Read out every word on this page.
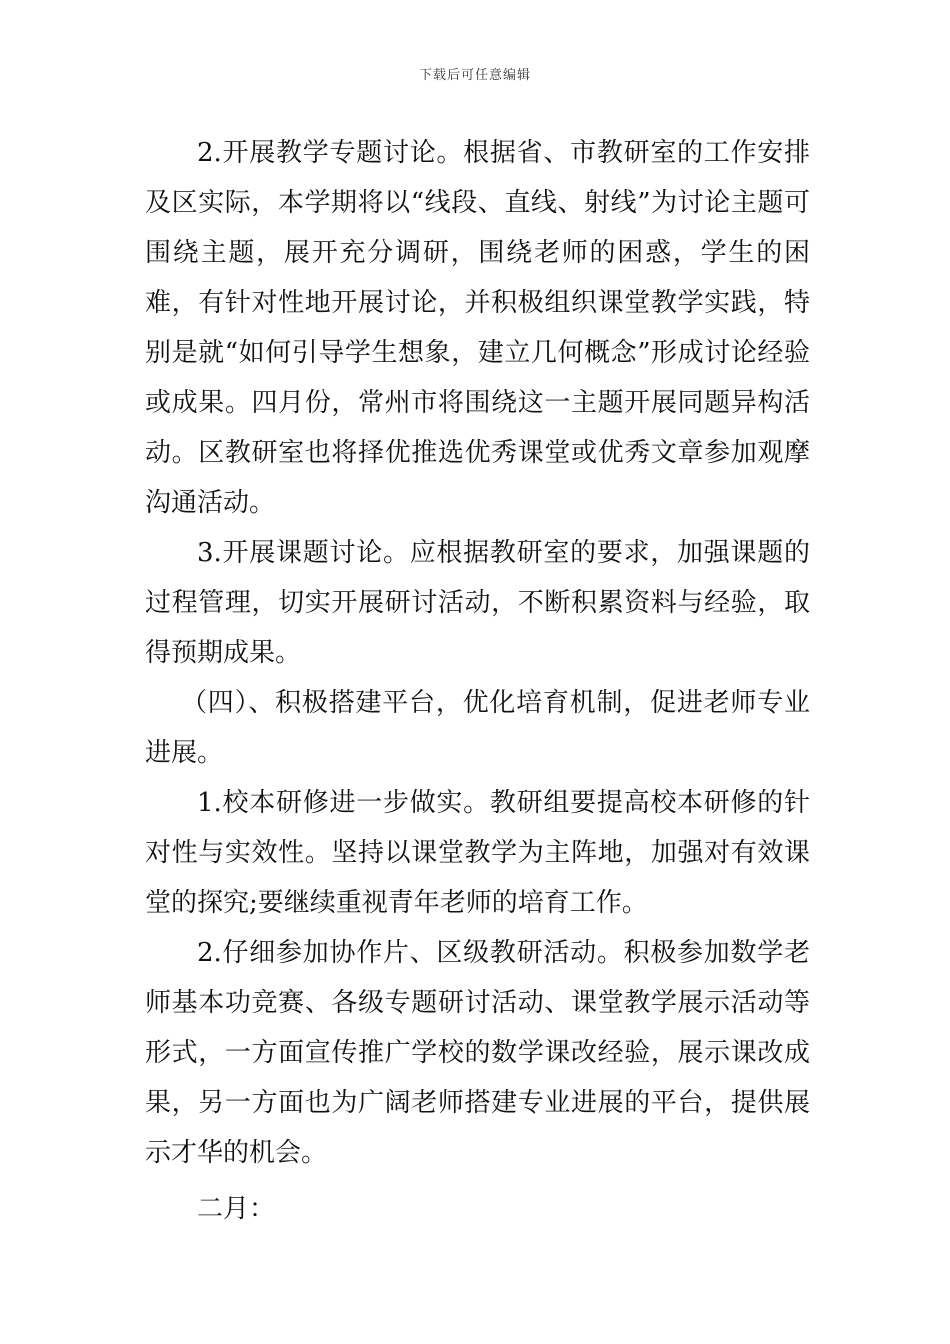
下载后可任意编辑

2.开展教学专题讨论。根据省、市教研室的工作安排及区实际，本学期将以“线段、直线、射线”为讨论主题可围绕主题，展开充分调研，围绕老师的困惑，学生的困难，有针对性地开展讨论，并积极组织课堂教学实践，特别是就“如何引导学生想象，建立几何概念”形成讨论经验或成果。四月份，常州市将围绕这一主题开展同题异构活动。区教研室也将择优推选优秀课堂或优秀文章参加观摩沟通活动。

3.开展课题讨论。应根据教研室的要求，加强课题的过程管理，切实开展研讨活动，不断积累资料与经验，取得预期成果。

（四）、积极搭建平台，优化培育机制，促进老师专业进展。

1.校本研修进一步做实。教研组要提高校本研修的针对性与实效性。坚持以课堂教学为主阵地，加强对有效课堂的探究;要继续重视青年老师的培育工作。

2.仔细参加协作片、区级教研活动。积极参加数学老师基本功竞赛、各级专题研讨活动、课堂教学展示活动等形式，一方面宣传推广学校的数学课改经验，展示课改成果，另一方面也为广阔老师搭建专业进展的平台，提供展示才华的机会。

二月：
